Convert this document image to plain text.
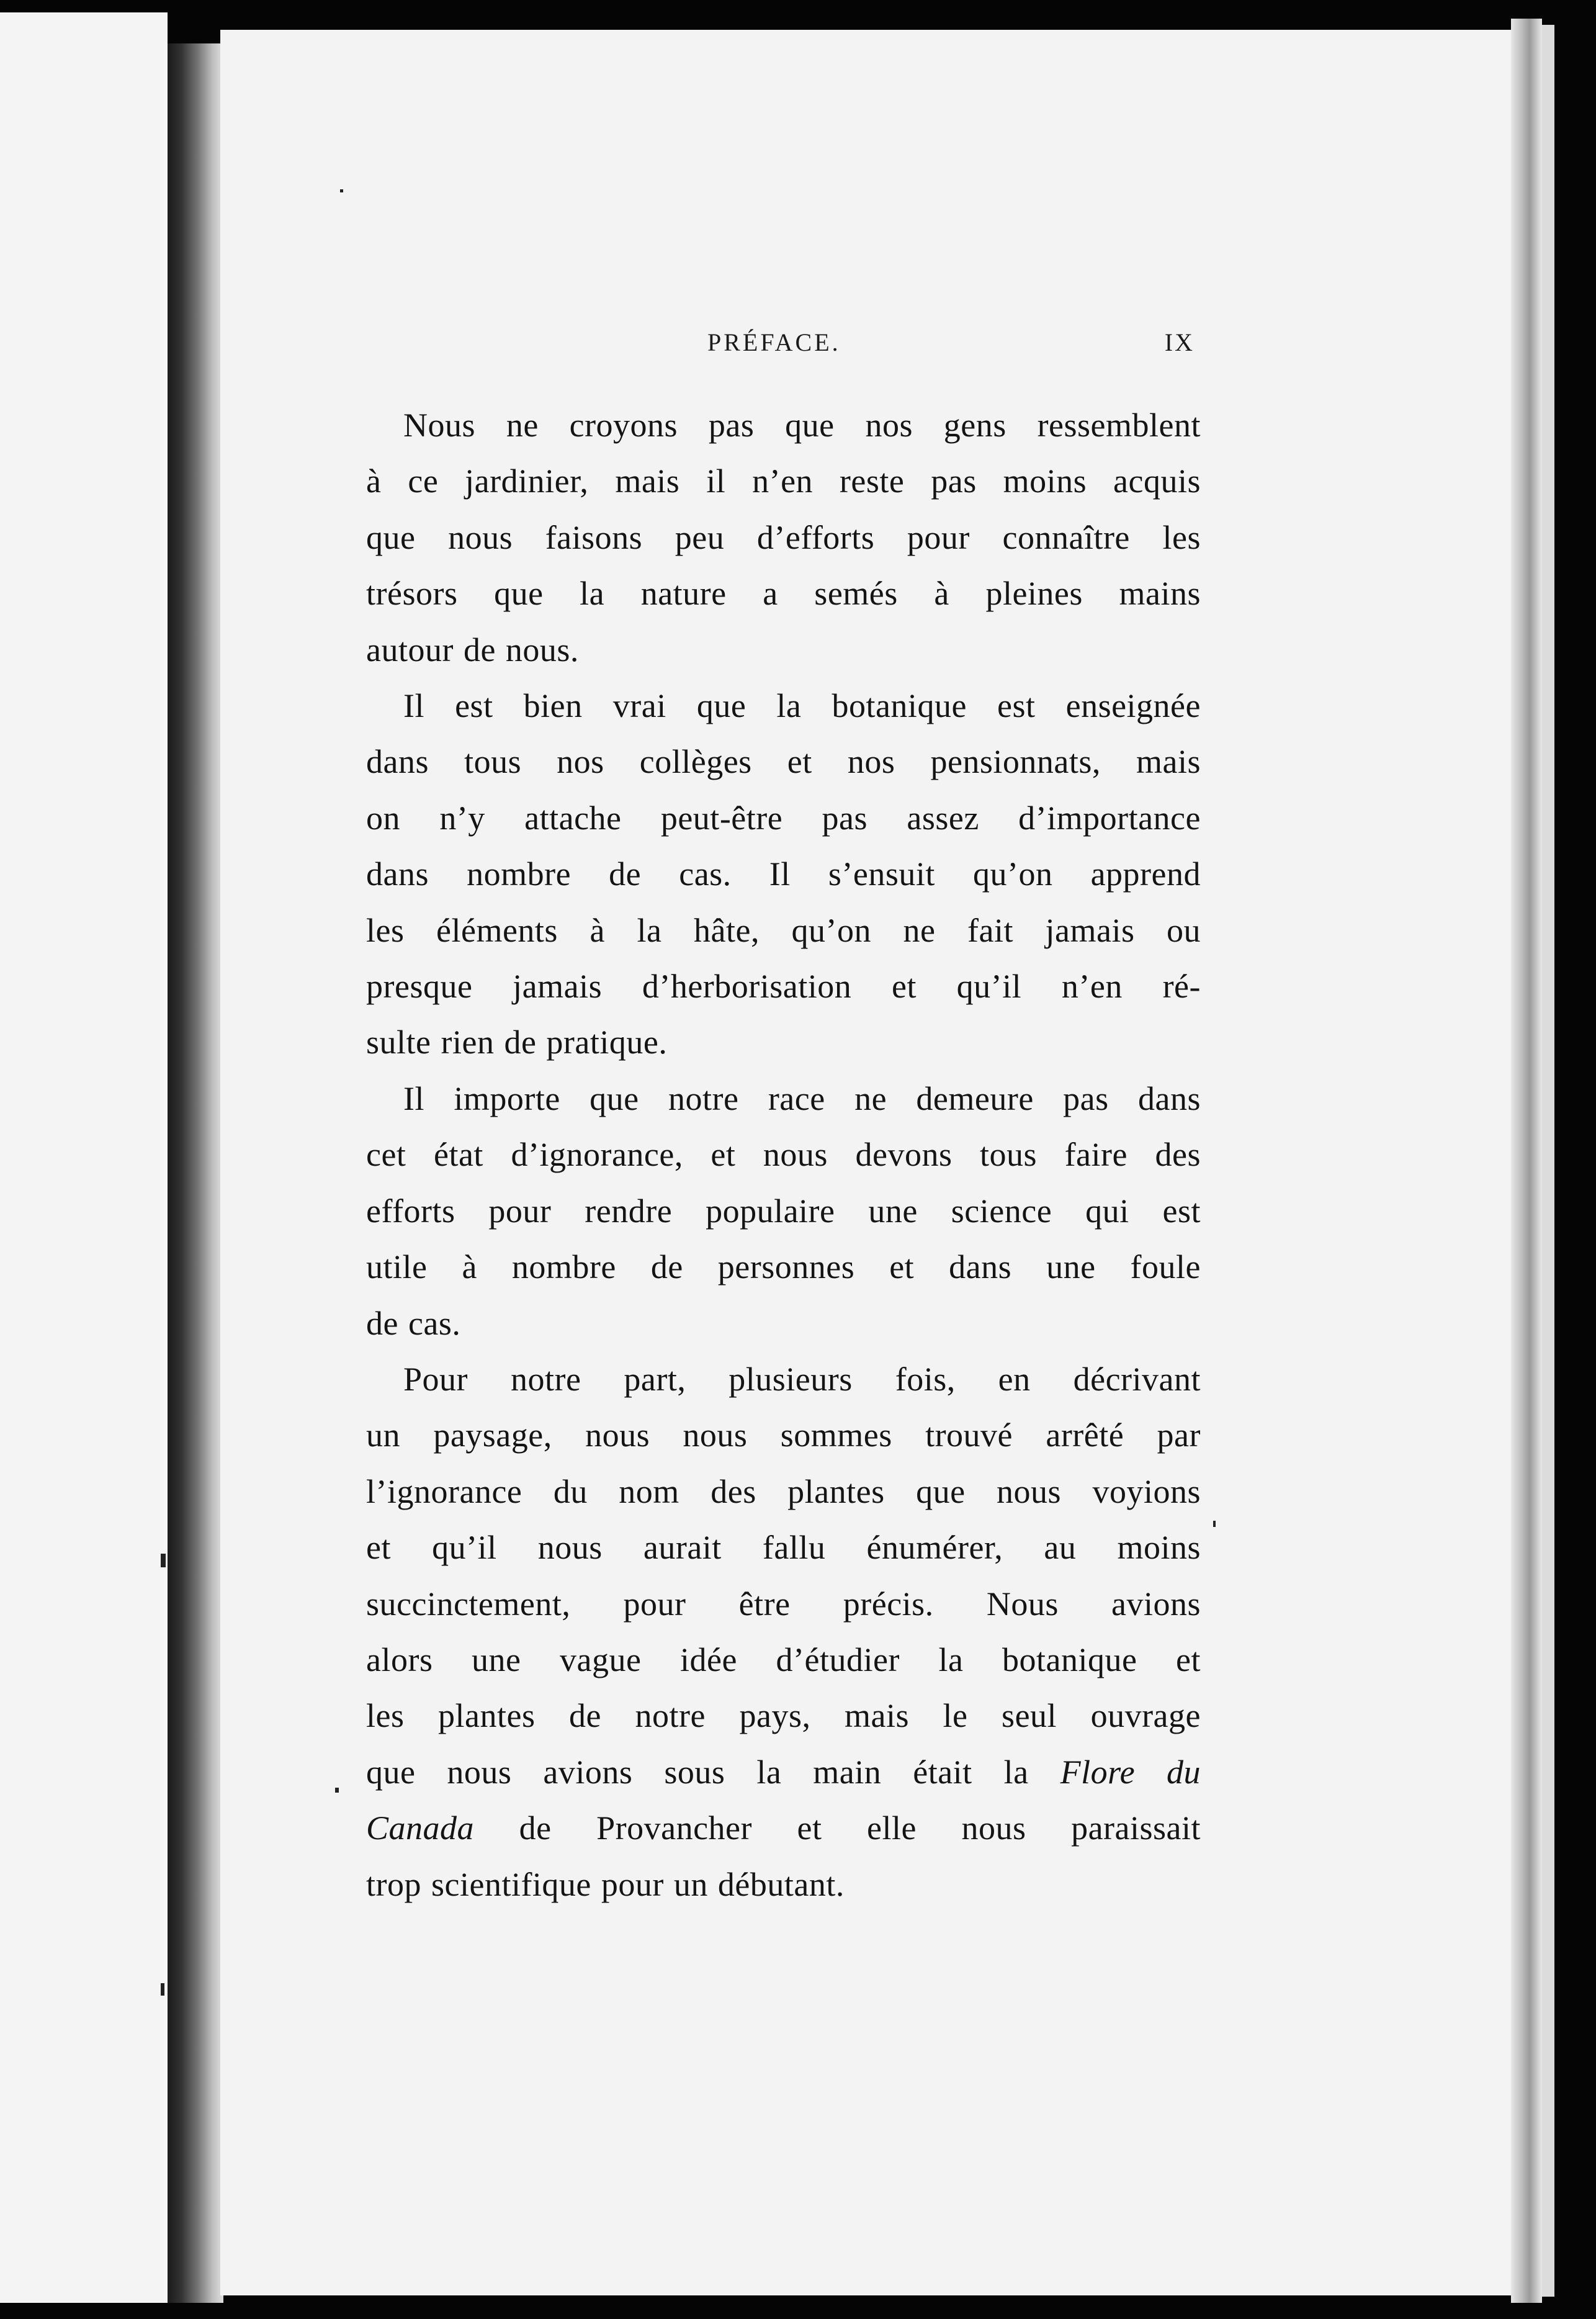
PRÉFACE.	IX

Nous ne croyons pas que nos gens ressemblent

à ce jardinier, mais il n’en reste pas moins acquis

que nous faisons peu d’efforts pour connaître les

trésors que la nature a semés à pleines mains

autour de nous.

Il est bien vrai que la botanique est enseignée

dans tous nos collèges et nos pensionnats, mais

on n’y attache peut-être pas assez d’importance

dans nombre de cas. Il s’ensuit qu’on apprend

les éléments à la hâte, qu’on ne fait jamais ou

presque jamais d’herborisation et qu’il n’en ré-

sulte rien de pratique.

Il importe que notre race ne demeure pas dans

cet état d’ignorance, et nous devons tous faire des

efforts pour rendre populaire une science qui est

utile à nombre de personnes et dans une foule

de cas.

Pour notre part, plusieurs fois, en décrivant

un paysage, nous nous sommes trouvé arrêté par

l’ignorance du nom des plantes que nous voyions

et qu’il nous aurait fallu énumérer, au moins

succinctement, pour être précis. Nous avions

alors une vague idée d’étudier la botanique et

les plantes de notre pays, mais le seul ouvrage

que nous avions sous la main était la Flore du

Canada de Provancher et elle nous paraissait

trop scientifique pour un débutant.
